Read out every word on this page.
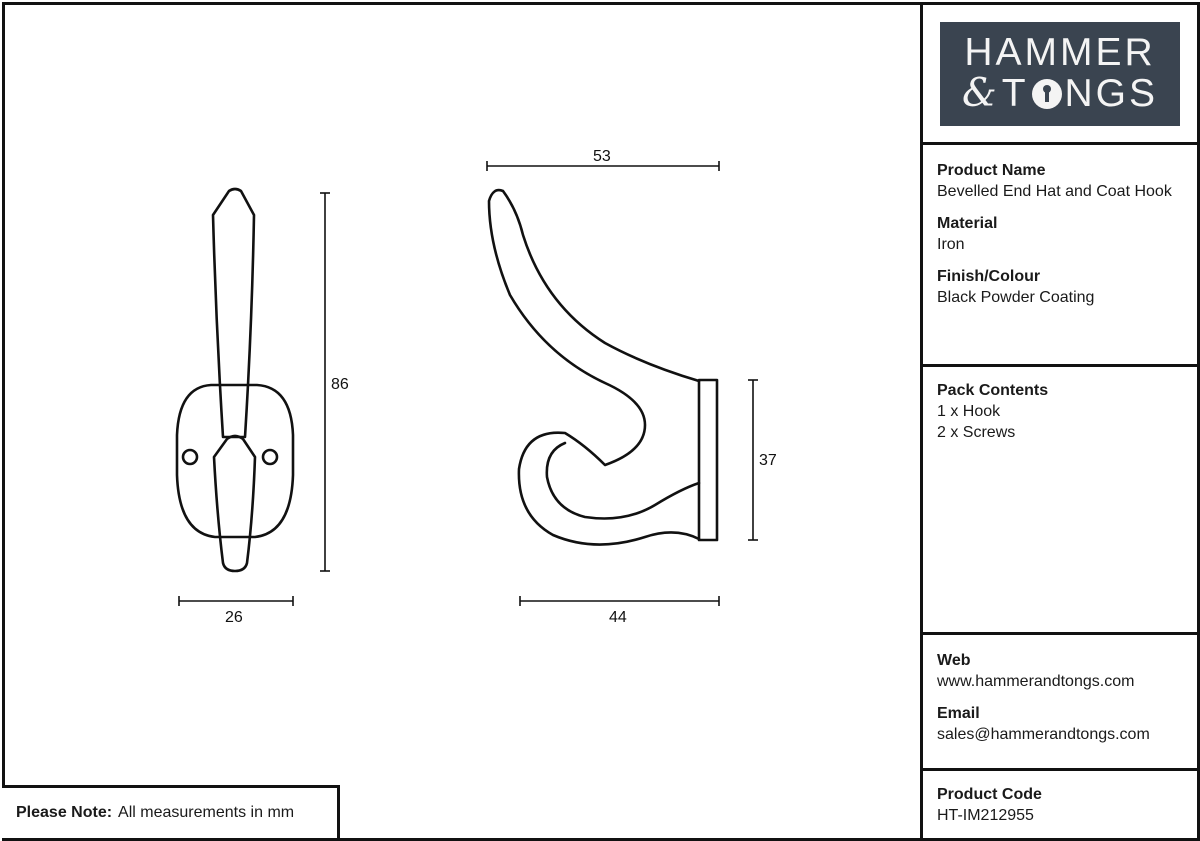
86
26
53
44
37
Please Note: All measurements in mm
HAMMER
& T NGS
Product Name
Bevelled End Hat and Coat Hook
Material
Iron
Finish/Colour
Black Powder Coating
Pack Contents
1 x Hook
2 x Screws
Web
www.hammerandtongs.com
Email
sales@hammerandtongs.com
Product Code
HT-IM212955
